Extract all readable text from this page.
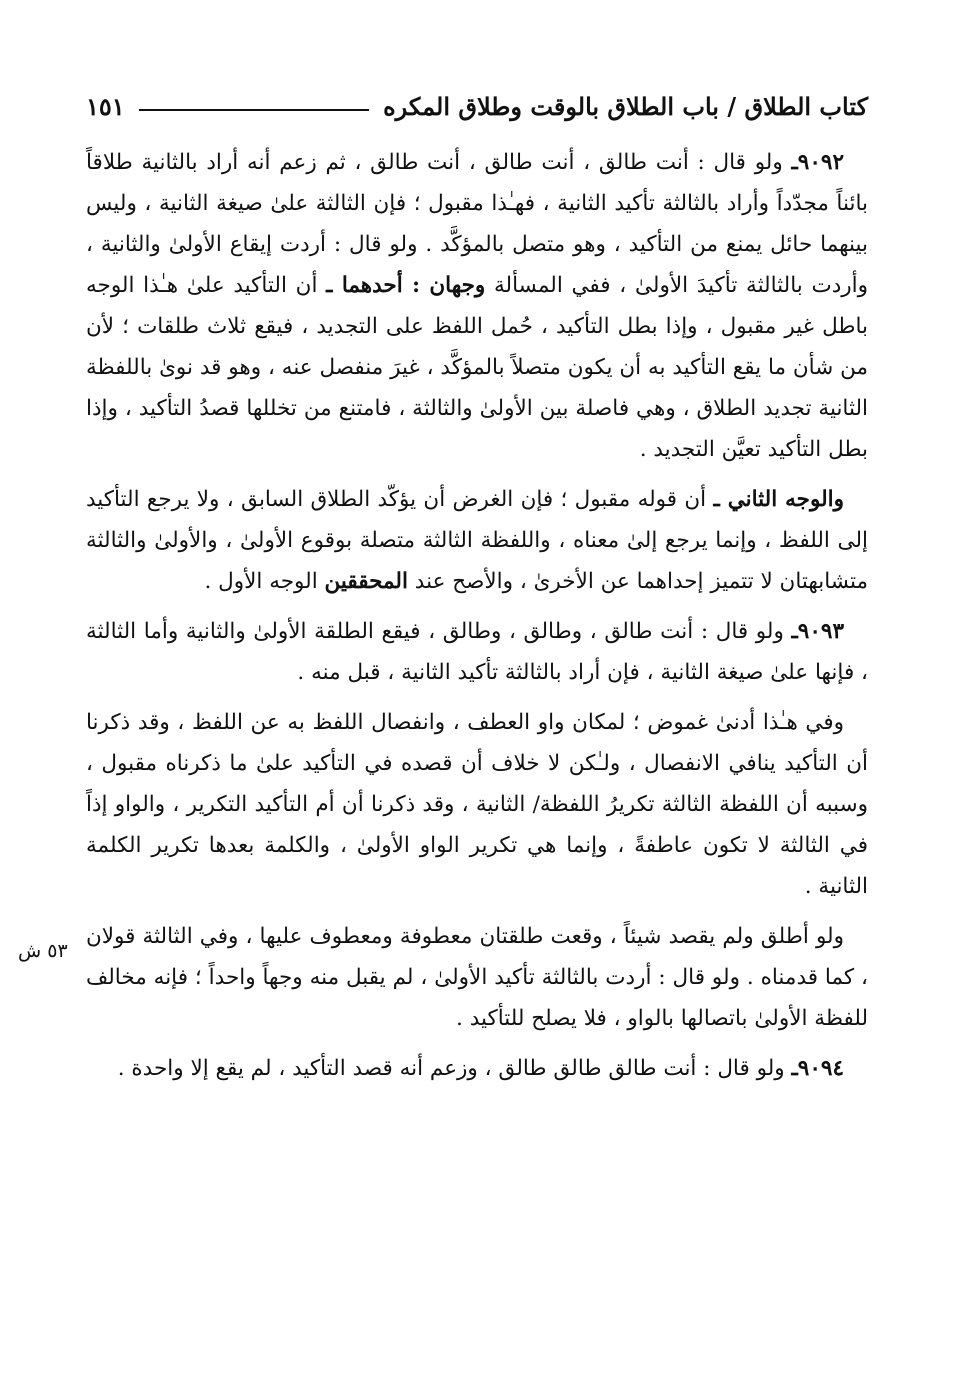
كتاب الطلاق / باب الطلاق بالوقت وطلاق المكره
١٥١
٥٣ ش

٩٠٩٢ـ ولو قال : أنت طالق ، أنت طالق ، أنت طالق ، ثم زعم أنه أراد بالثانية طلاقاً بائناً مجدّداً وأراد بالثالثة تأكيد الثانية ، فهـٰذا مقبول ؛ فإن الثالثة علىٰ صيغة الثانية ، وليس بينهما حائل يمنع من التأكيد ، وهو متصل بالمؤكَّد . ولو قال : أردت إيقاع الأولىٰ والثانية ، وأردت بالثالثة تأكيدَ الأولىٰ ، ففي المسألة وجهان : أحدهما ـ أن التأكيد علىٰ هـٰذا الوجه باطل غير مقبول ، وإذا بطل التأكيد ، حُمل اللفظ على التجديد ، فيقع ثلاث طلقات ؛ لأن من شأن ما يقع التأكيد به أن يكون متصلاً بالمؤكَّد ، غيرَ منفصل عنه ، وهو قد نوىٰ باللفظة الثانية تجديد الطلاق ، وهي فاصلة بين الأولىٰ والثالثة ، فامتنع من تخللها قصدُ التأكيد ، وإذا بطل التأكيد تعيَّن التجديد .

والوجه الثاني ـ أن قوله مقبول ؛ فإن الغرض أن يؤكّد الطلاق السابق ، ولا يرجع التأكيد إلى اللفظ ، وإنما يرجع إلىٰ معناه ، واللفظة الثالثة متصلة بوقوع الأولىٰ ، والأولىٰ والثالثة متشابهتان لا تتميز إحداهما عن الأخرىٰ ، والأصح عند المحققين الوجه الأول .

٩٠٩٣ـ ولو قال : أنت طالق ، وطالق ، وطالق ، فيقع الطلقة الأولىٰ والثانية وأما الثالثة ، فإنها علىٰ صيغة الثانية ، فإن أراد بالثالثة تأكيد الثانية ، قبل منه .

وفي هـٰذا أدنىٰ غموض ؛ لمكان واو العطف ، وانفصال اللفظ به عن اللفظ ، وقد ذكرنا أن التأكيد ينافي الانفصال ، ولـٰكن لا خلاف أن قصده في التأكيد علىٰ ما ذكرناه مقبول ، وسببه أن اللفظة الثالثة تكريرُ اللفظة/ الثانية ، وقد ذكرنا أن أم التأكيد التكرير ، والواو إذاً في الثالثة لا تكون عاطفةً ، وإنما هي تكرير الواو الأولىٰ ، والكلمة بعدها تكرير الكلمة الثانية .

ولو أطلق ولم يقصد شيئاً ، وقعت طلقتان معطوفة ومعطوف عليها ، وفي الثالثة قولان ، كما قدمناه . ولو قال : أردت بالثالثة تأكيد الأولىٰ ، لم يقبل منه وجهاً واحداً ؛ فإنه مخالف للفظة الأولىٰ باتصالها بالواو ، فلا يصلح للتأكيد .

٩٠٩٤ـ ولو قال : أنت طالق طالق طالق ، وزعم أنه قصد التأكيد ، لم يقع إلا واحدة .
